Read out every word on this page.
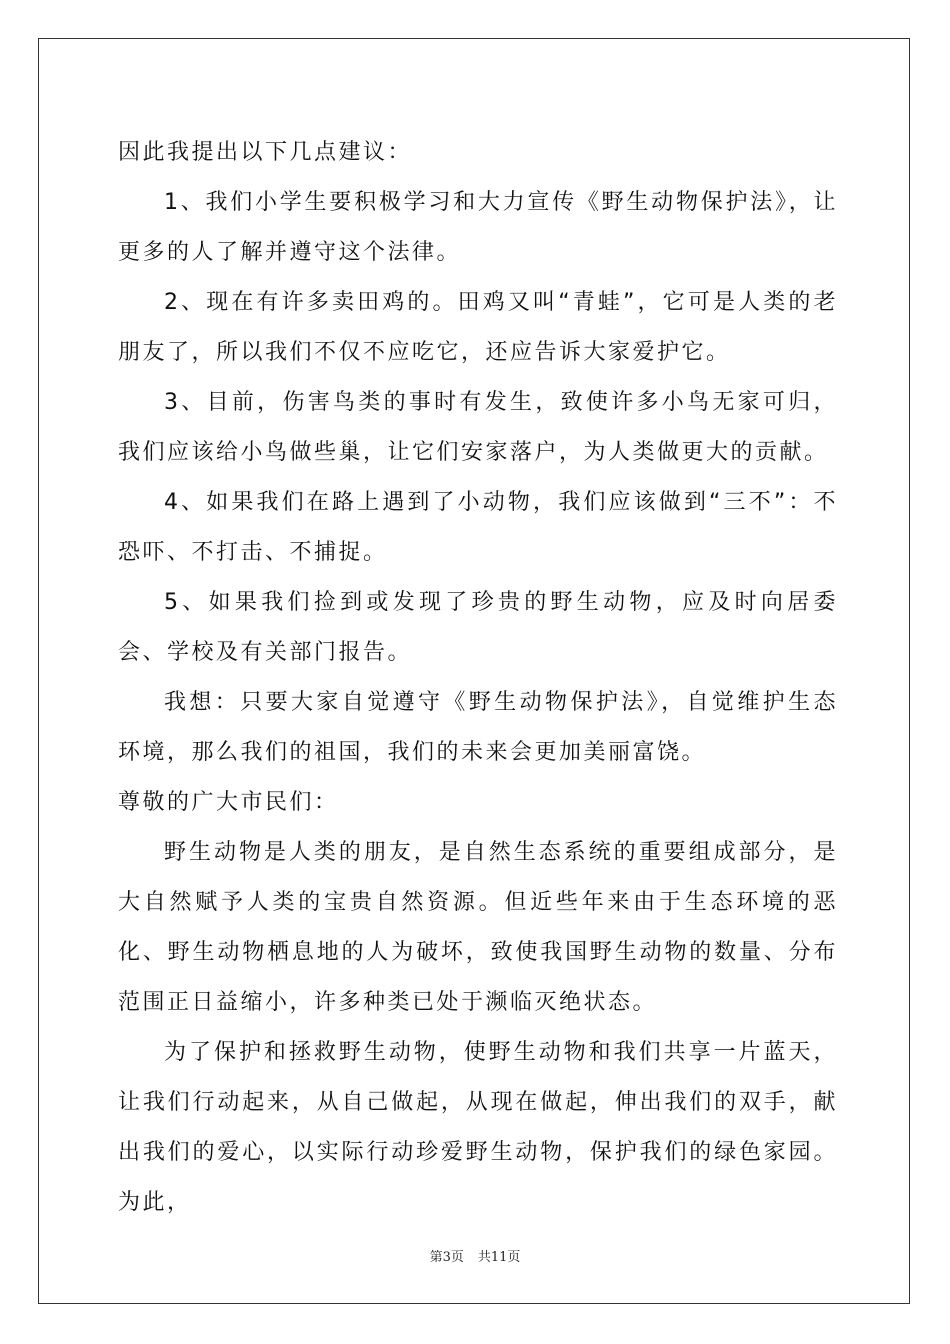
因此我提出以下几点建议：

1、我们小学生要积极学习和大力宣传《野生动物保护法》，让更多的人了解并遵守这个法律。

2、现在有许多卖田鸡的。田鸡又叫“青蛙”，它可是人类的老朋友了，所以我们不仅不应吃它，还应告诉大家爱护它。

3、目前，伤害鸟类的事时有发生，致使许多小鸟无家可归，我们应该给小鸟做些巢，让它们安家落户，为人类做更大的贡献。

4、如果我们在路上遇到了小动物，我们应该做到“三不”：不恐吓、不打击、不捕捉。

5、如果我们捡到或发现了珍贵的野生动物，应及时向居委会、学校及有关部门报告。

我想：只要大家自觉遵守《野生动物保护法》，自觉维护生态环境，那么我们的祖国，我们的未来会更加美丽富饶。

尊敬的广大市民们：

野生动物是人类的朋友，是自然生态系统的重要组成部分，是大自然赋予人类的宝贵自然资源。但近些年来由于生态环境的恶化、野生动物栖息地的人为破坏，致使我国野生动物的数量、分布范围正日益缩小，许多种类已处于濒临灭绝状态。

为了保护和拯救野生动物，使野生动物和我们共享一片蓝天，让我们行动起来，从自己做起，从现在做起，伸出我们的双手，献出我们的爱心，以实际行动珍爱野生动物，保护我们的绿色家园。为此，

第3页 共11页
